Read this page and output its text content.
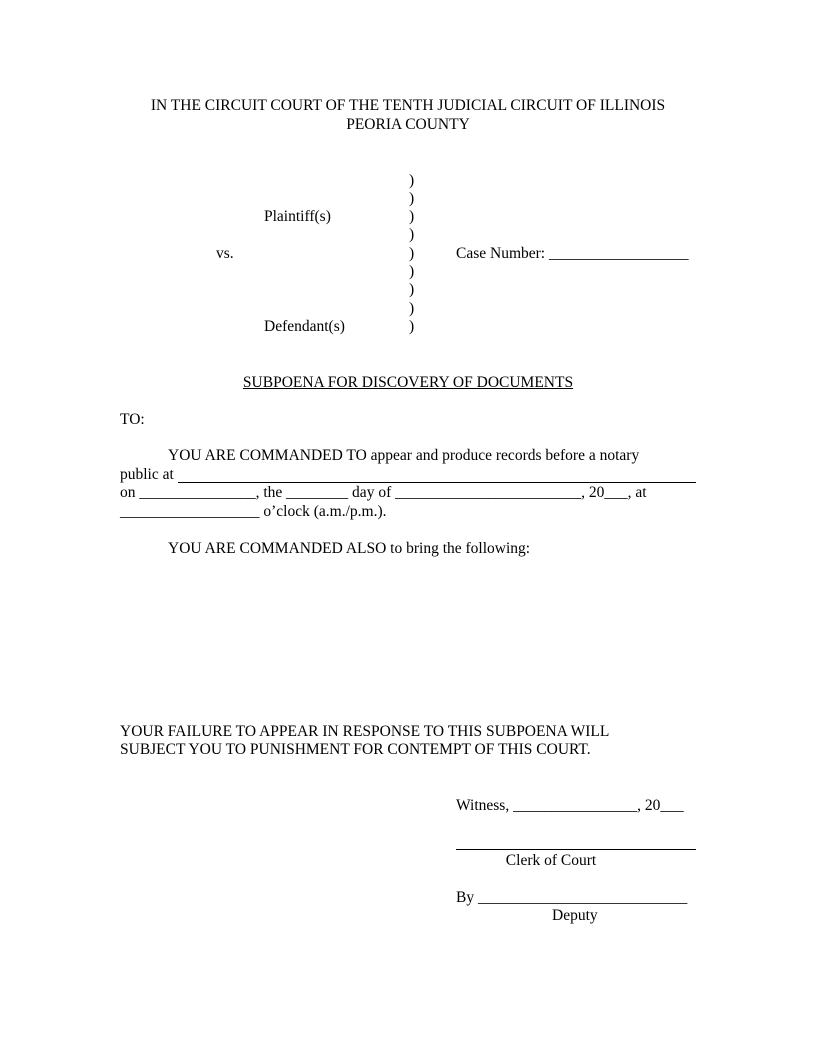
IN THE CIRCUIT COURT OF THE TENTH JUDICIAL CIRCUIT OF ILLINOIS
PEORIA COUNTY
)
)
)
)
)
)
)
)
)
Plaintiff(s)
vs.	Case Number: __________________
Defendant(s)
SUBPOENA FOR DISCOVERY OF DOCUMENTS
TO:
YOU ARE COMMANDED TO appear and produce records before a notary
public at
on _______________, the ________ day of ________________________, 20___, at
__________________ o’clock (a.m./p.m.).
YOU ARE COMMANDED ALSO to bring the following:
YOUR FAILURE TO APPEAR IN RESPONSE TO THIS SUBPOENA WILL
SUBJECT YOU TO PUNISHMENT FOR CONTEMPT OF THIS COURT.
Witness, ________________, 20___
Clerk of Court
By ___________________________
Deputy
